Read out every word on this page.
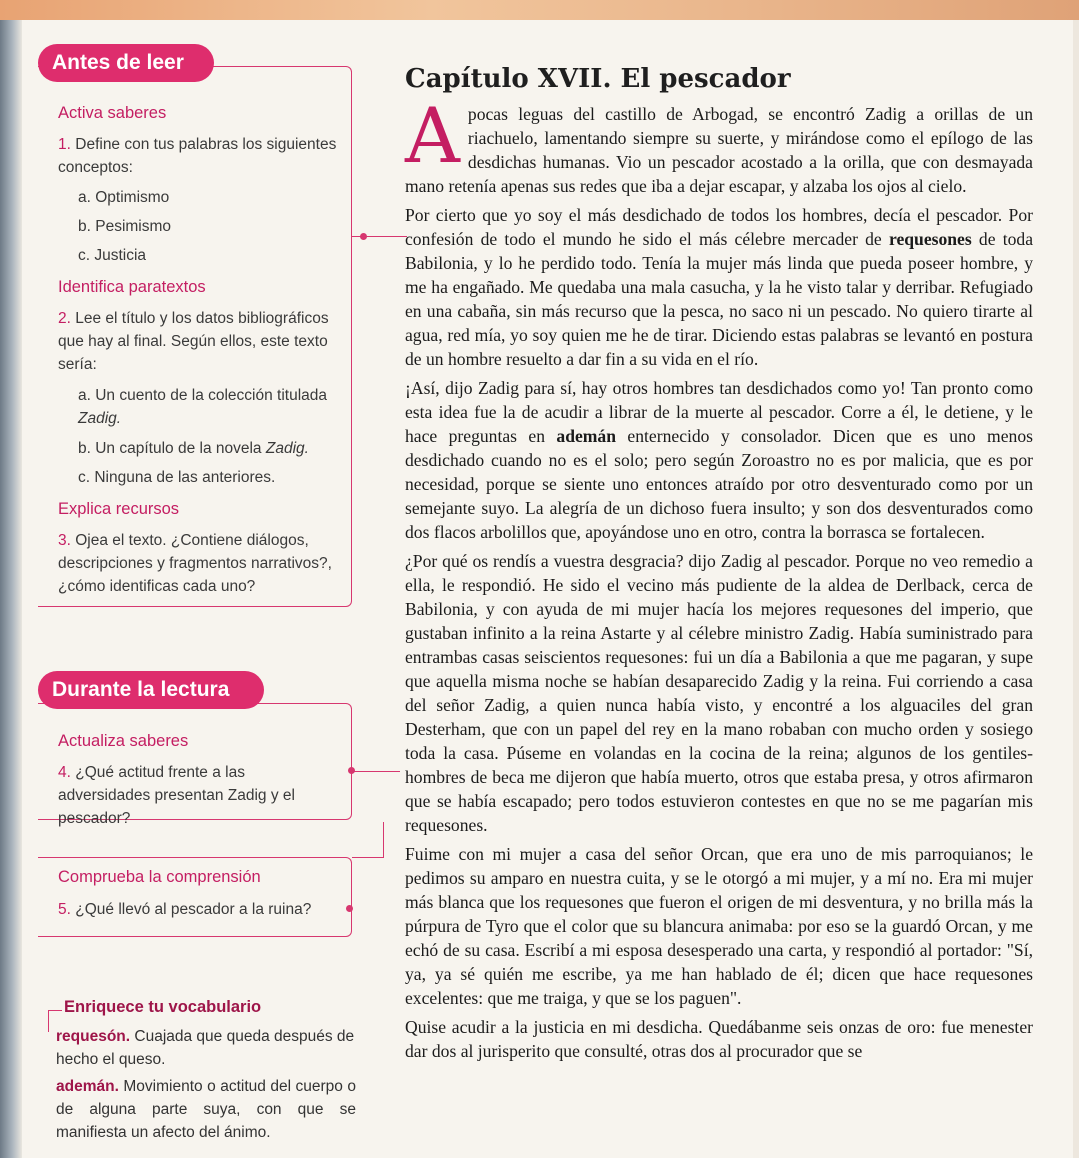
Antes de leer
Activa saberes
1. Define con tus palabras los siguientes conceptos:
a. Optimismo
b. Pesimismo
c. Justicia
Identifica paratextos
2. Lee el título y los datos bibliográficos que hay al final. Según ellos, este texto sería:
a. Un cuento de la colección titulada Zadig.
b. Un capítulo de la novela Zadig.
c. Ninguna de las anteriores.
Explica recursos
3. Ojea el texto. ¿Contiene diálogos, descripciones y fragmentos narrativos?, ¿cómo identificas cada uno?
Durante la lectura
Actualiza saberes
4. ¿Qué actitud frente a las adversidades presentan Zadig y el pescador?
Comprueba la comprensión
5. ¿Qué llevó al pescador a la ruina?
Enriquece tu vocabulario
requesón. Cuajada que queda después de hecho el queso.
ademán. Movimiento o actitud del cuerpo o de alguna parte suya, con que se manifiesta un afecto del ánimo.
Capítulo XVII. El pescador

A pocas leguas del castillo de Arbogad, se encontró Zadig a orillas de un riachuelo, lamentando siempre su suerte, y mirándose como el epílogo de las desdichas humanas. Vio un pescador acostado a la orilla, que con desmayada mano retenía apenas sus redes que iba a dejar escapar, y alzaba los ojos al cielo.

Por cierto que yo soy el más desdichado de todos los hombres, decía el pescador. Por confesión de todo el mundo he sido el más célebre mercader de requesones de toda Babilonia, y lo he perdido todo. Tenía la mujer más linda que pueda poseer hombre, y me ha engañado. Me quedaba una mala casucha, y la he visto talar y derribar. Refugiado en una cabaña, sin más recurso que la pesca, no saco ni un pescado. No quiero tirarte al agua, red mía, yo soy quien me he de tirar. Diciendo estas palabras se levantó en postura de un hombre resuelto a dar fin a su vida en el río.

¡Así, dijo Zadig para sí, hay otros hombres tan desdichados como yo! Tan pronto como esta idea fue la de acudir a librar de la muerte al pescador. Corre a él, le detiene, y le hace preguntas en ademán enternecido y consolador. Dicen que es uno menos desdichado cuando no es el solo; pero según Zoroastro no es por malicia, que es por necesidad, porque se siente uno entonces atraído por otro desventurado como por un semejante suyo. La alegría de un dichoso fuera insulto; y son dos desventurados como dos flacos arbolillos que, apoyándose uno en otro, contra la borrasca se fortalecen.

¿Por qué os rendís a vuestra desgracia? dijo Zadig al pescador. Porque no veo remedio a ella, le respondió. He sido el vecino más pudiente de la aldea de Derlback, cerca de Babilonia, y con ayuda de mi mujer hacía los mejores requesones del imperio, que gustaban infinito a la reina Astarte y al célebre ministro Zadig. Había suministrado para entrambas casas seiscientos requesones: fui un día a Babilonia a que me pagaran, y supe que aquella misma noche se habían desaparecido Zadig y la reina. Fui corriendo a casa del señor Zadig, a quien nunca había visto, y encontré a los alguaciles del gran Desterham, que con un papel del rey en la mano robaban con mucho orden y sosiego toda la casa. Púseme en volandas en la cocina de la reina; algunos de los gentiles-hombres de beca me dijeron que había muerto, otros que estaba presa, y otros afirmaron que se había escapado; pero todos estuvieron contestes en que no se me pagarían mis requesones.

Fuime con mi mujer a casa del señor Orcan, que era uno de mis parroquianos; le pedimos su amparo en nuestra cuita, y se le otorgó a mi mujer, y a mí no. Era mi mujer más blanca que los requesones que fueron el origen de mi desventura, y no brilla más la púrpura de Tyro que el color que su blancura animaba: por eso se la guardó Orcan, y me echó de su casa. Escribí a mi esposa desesperado una carta, y respondió al portador: "Sí, ya, ya sé quién me escribe, ya me han hablado de él; dicen que hace requesones excelentes: que me traiga, y que se los paguen".

Quise acudir a la justicia en mi desdicha. Quedábanme seis onzas de oro: fue menester dar dos al jurisperito que consulté, otras dos al procurador que se
